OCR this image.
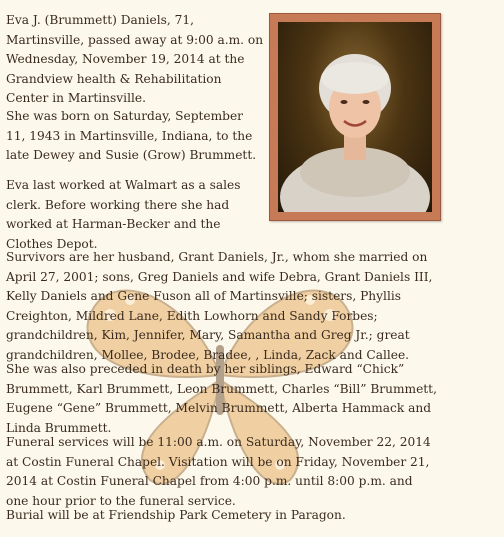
Eva J. (Brummett) Daniels, 71, Martinsville, passed away at 9:00 a.m. on Wednesday, November 19, 2014 at the Grandview health & Rehabilitation Center in Martinsville.

She was born on Saturday, September 11, 1943 in Martinsville, Indiana, to the late Dewey and Susie (Grow) Brummett.

Eva last worked at Walmart as a sales clerk. Before working there she had worked at Harman-Becker and the Clothes Depot.

Survivors are her husband, Grant Daniels, Jr., whom she married on April 27, 2001; sons, Greg Daniels and wife Debra, Grant Daniels III, Kelly Daniels and Gene Fuson all of Martinsville; sisters, Phyllis Creighton, Mildred Lane, Edith Lowhorn and Sandy Forbes; grandchildren, Kim, Jennifer, Mary, Samantha and Greg Jr.; great grandchildren, Mollee, Brodee, Bradee, , Linda, Zack and Callee.

She was also preceded in death by her siblings, Edward “Chick” Brummett, Karl Brummett, Leon Brummett, Charles “Bill” Brummett, Eugene “Gene” Brummett, Melvin Brummett, Alberta Hammack and Linda Brummett.

Funeral services will be 11:00 a.m. on Saturday, November 22, 2014 at Costin Funeral Chapel. Visitation will be on Friday, November 21, 2014 at Costin Funeral Chapel from 4:00 p.m. until 8:00 p.m. and one hour prior to the funeral service.

Burial will be at Friendship Park Cemetery in Paragon.
